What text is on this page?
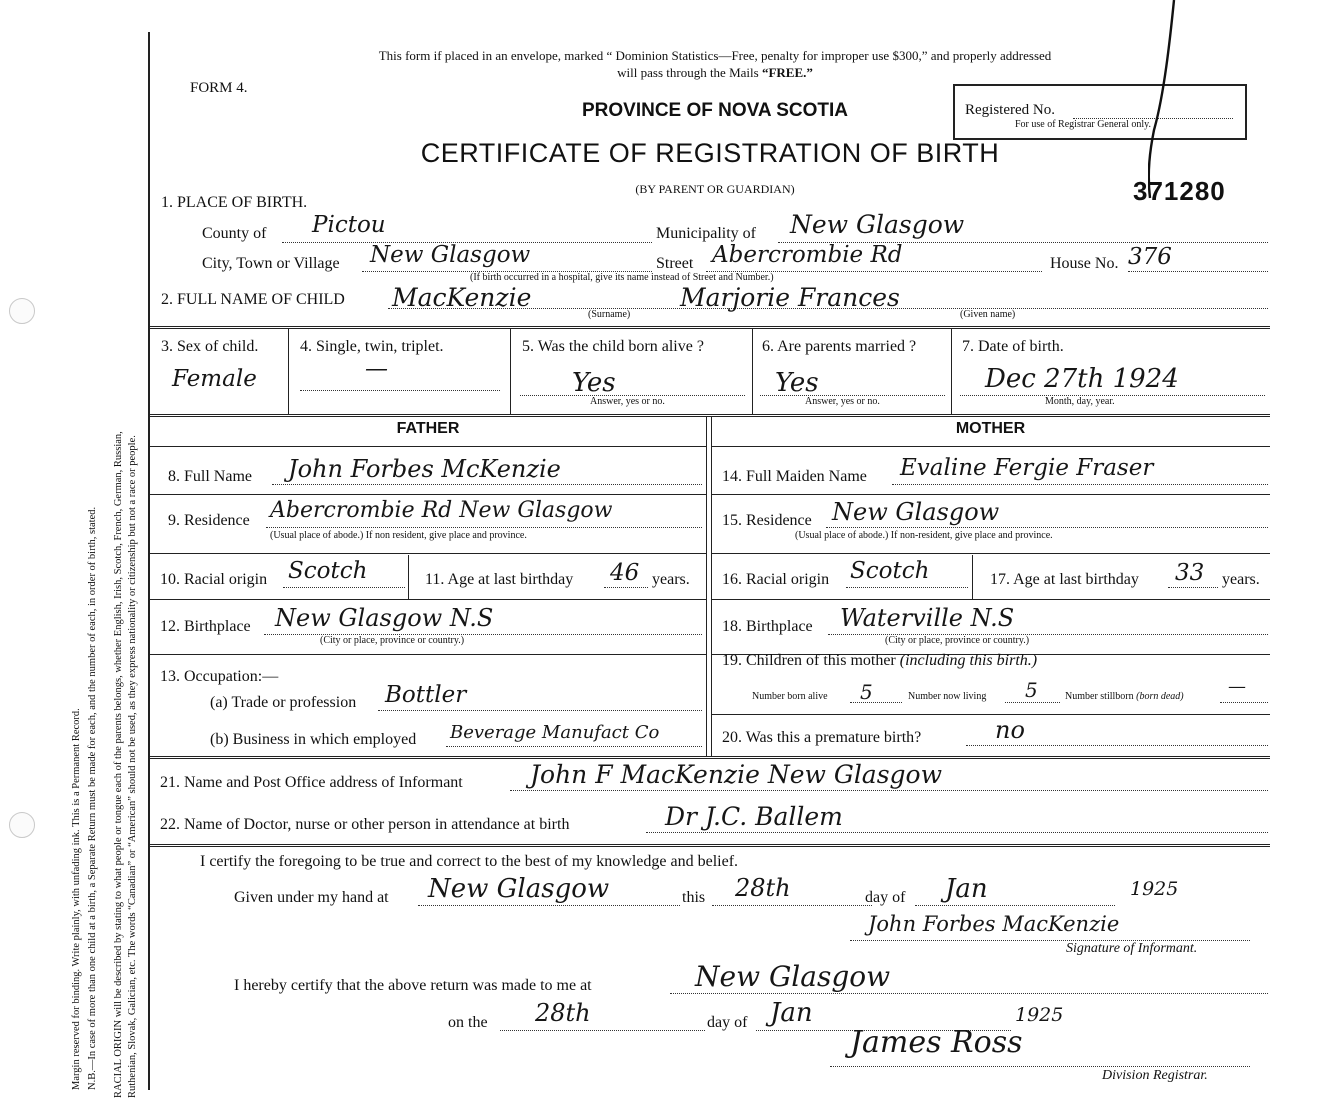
Margin reserved for binding. Write plainly, with unfading ink. This is a Permanent Record. N.B.—In case of more than one child at a birth, a Separate Return must be made for each, and the number of each, in order of birth, stated. RACIAL ORIGIN will be described by stating to what people or tongue each of the parents belongs, whether English, Irish, Scotch, French, German, Russian, Ruthenian, Slovak, Galician, etc. The words “Canadian” or “American” should not be used, as they express nationality or citizenship but not a race or people.
This form if placed in an envelope, marked “ Dominion Statistics—Free, penalty for improper use $300,” and properly addressed
will pass through the Mails “FREE.”
FORM 4.
PROVINCE OF NOVA SCOTIA
CERTIFICATE OF REGISTRATION OF BIRTH
(BY PARENT OR GUARDIAN)
Registered No.
For use of Registrar General only.
371280
1. PLACE OF BIRTH.
County of Pictou	Municipality of New Glasgow
City, Town or Village New Glasgow	Street Abercrombie Rd	House No. 376
(If birth occurred in a hospital, give its name instead of Street and Number.)
2. FULL NAME OF CHILD MacKenzie	Marjorie Frances
(Surname)	(Given name)
3. Sex of child.
Female
4. Single, twin, triplet.
—
5. Was the child born alive ?
Yes
Answer, yes or no.
6. Are parents married ?
Yes
Answer, yes or no.
7. Date of birth.
Dec 27th 1924
Month, day, year.
FATHER	MOTHER
8. Full Name John Forbes McKenzie
9. Residence Abercrombie Rd New Glasgow
(Usual place of abode.) If non resident, give place and province.
10. Racial origin Scotch	11. Age at last birthday 46 years.
12. Birthplace New Glasgow N.S
(City or place, province or country.)
13. Occupation:—
(a) Trade or profession Bottler
(b) Business in which employed Beverage Manufact Co
14. Full Maiden Name Evaline Fergie Fraser
15. Residence New Glasgow
(Usual place of abode.) If non-resident, give place and province.
16. Racial origin Scotch	17. Age at last birthday 33 years.
18. Birthplace Waterville N.S
(City or place, province or country.)
19. Children of this mother (including this birth.)
Number born alive 5	Number now living 5	Number stillborn (born dead) —
20. Was this a premature birth?	no
21. Name and Post Office address of Informant	John F MacKenzie New Glasgow
22. Name of Doctor, nurse or other person in attendance at birth	Dr J.C. Ballem
I certify the foregoing to be true and correct to the best of my knowledge and belief.
Given under my hand at New Glasgow	this 28th	day of Jan	1925
John Forbes MacKenzie
Signature of Informant.
I hereby certify that the above return was made to me at	New Glasgow
on the 28th	day of Jan	1925
James Ross
Division Registrar.
